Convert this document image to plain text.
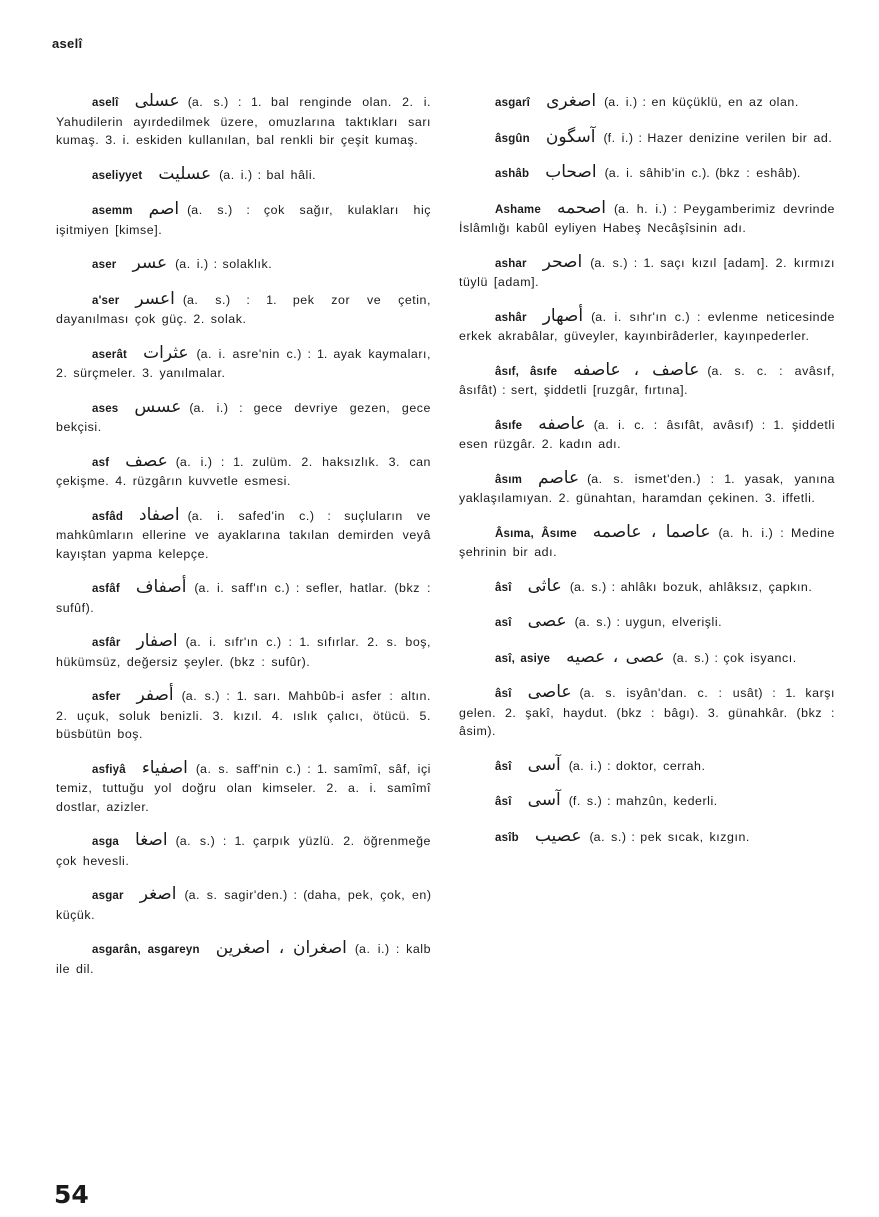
aselî

aselî عسلى (a. s.) : 1. bal renginde olan. 2. i. Yahudilerin ayırdedilmek üzere, omuzlarına taktıkları sarı kumaş. 3. i. eskiden kullanılan, bal renkli bir çeşit kumaş.

aseliyyet عسليت (a. i.) : bal hâli.

asemm اصم (a. s.) : çok sağır, kulakları hiç işitmiyen [kimse].

aser عسر (a. i.) : solaklık.

a'ser اعسر (a. s.) : 1. pek zor ve çetin, dayanılması çok güç. 2. solak.

aserât عثرات (a. i. asre'nin c.) : 1. ayak kaymaları, 2. sürçmeler. 3. yanılmalar.

ases عسس (a. i.) : gece devriye gezen, gece bekçisi.

asf عصف (a. i.) : 1. zulüm. 2. haksızlık. 3. can çekişme. 4. rüzgârın kuvvetle esmesi.

asfâd اصفاد (a. i. safed'in c.) : suçluların ve mahkûmların ellerine ve ayaklarına takılan demirden veyâ kayıştan yapma kelepçe.

asfâf أصفاف (a. i. saff'ın c.) : sefler, hatlar. (bkz : sufûf).

asfâr اصفار (a. i. sıfr'ın c.) : 1. sıfırlar. 2. s. boş, hükümsüz, değersiz şeyler. (bkz : sufûr).

asfer أصفر (a. s.) : 1. sarı. Mahbûb-i asfer : altın. 2. uçuk, soluk benizli. 3. kızıl. 4. ıslık çalıcı, ötücü. 5. büsbütün boş.

asfiyâ اصفياء (a. s. saff'nin c.) : 1. samîmî, sâf, içi temiz, tuttuğu yol doğru olan kimseler. 2. a. i. samîmî dostlar, azizler.

asga اصغا (a. s.) : 1. çarpık yüzlü. 2. öğrenmeğe çok hevesli.

asgar اصغر (a. s. sagir'den.) : (daha, pek, çok, en) küçük.

asgarân, asgareyn اصغران ، اصغرين (a. i.) : kalb ile dil.

asgarî اصغرى (a. i.) : en küçüklü, en az olan.

âsgûn آسگون (f. i.) : Hazer denizine verilen bir ad.

ashâb اصحاب (a. i. sâhib'in c.). (bkz : eshâb).

Ashame اصحمه (a. h. i.) : Peygamberimiz devrinde İslâmlığı kabûl eyliyen Habeş Necâşîsinin adı.

ashar اصحر (a. s.) : 1. saçı kızıl [adam]. 2. kırmızı tüylü [adam].

ashâr أصهار (a. i. sıhr'ın c.) : evlenme neticesinde erkek akrabâlar, güveyler, kayınbirâderler, kayınpederler.

âsıf, âsıfe عاصف ، عاصفه (a. s. c. : avâsıf, âsıfât) : sert, şiddetli [ruzgâr, fırtına].

âsıfe عاصفه (a. i. c. : âsıfât, avâsıf) : 1. şiddetli esen rüzgâr. 2. kadın adı.

âsım عاصم (a. s. ismet'den.) : 1. yasak, yanına yaklaşılamıyan. 2. günahtan, haramdan çekinen. 3. iffetli.

Âsıma, Âsıme عاصما ، عاصمه (a. h. i.) : Medine şehrinin bir adı.

âsî عاثى (a. s.) : ahlâkı bozuk, ahlâksız, çapkın.

asî عصى (a. s.) : uygun, elverişli.

asî, asiye عصى ، عصيه (a. s.) : çok isyancı.

âsî عاصى (a. s. isyân'dan. c. : usât) : 1. karşı gelen. 2. şakî, haydut. (bkz : bâgı). 3. günahkâr. (bkz : âsim).

âsî آسى (a. i.) : doktor, cerrah.

âsî آسى (f. s.) : mahzûn, kederli.

asîb عصيب (a. s.) : pek sıcak, kızgın.

54
